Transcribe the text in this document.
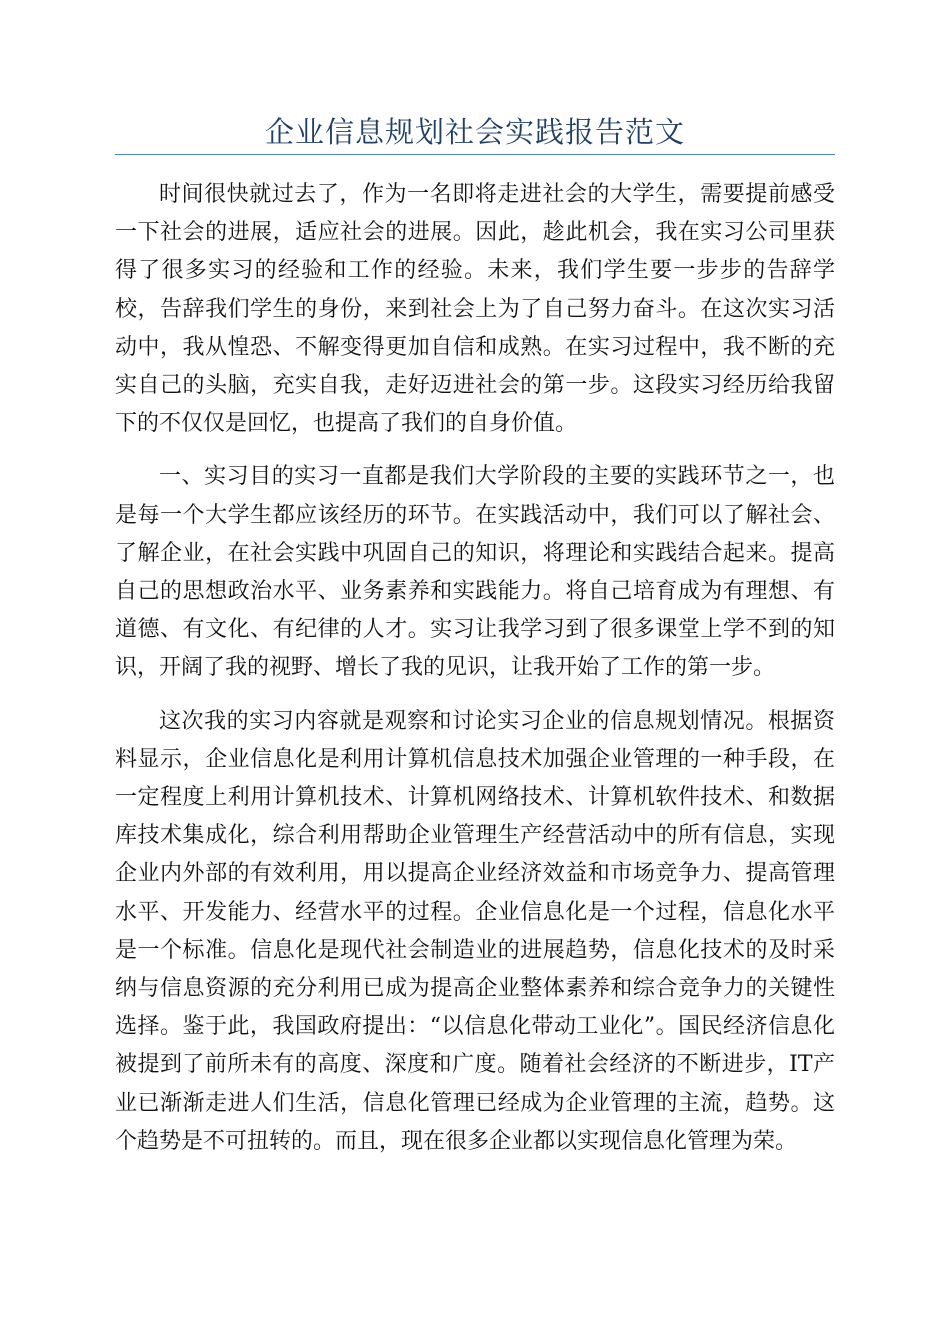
企业信息规划社会实践报告范文

时间很快就过去了，作为一名即将走进社会的大学生，需要提前感受一下社会的进展，适应社会的进展。因此，趁此机会，我在实习公司里获得了很多实习的经验和工作的经验。未来，我们学生要一步步的告辞学校，告辞我们学生的身份，来到社会上为了自己努力奋斗。在这次实习活动中，我从惶恐、不解变得更加自信和成熟。在实习过程中，我不断的充实自己的头脑，充实自我，走好迈进社会的第一步。这段实习经历给我留下的不仅仅是回忆，也提高了我们的自身价值。

一、实习目的实习一直都是我们大学阶段的主要的实践环节之一，也是每一个大学生都应该经历的环节。在实践活动中，我们可以了解社会、了解企业，在社会实践中巩固自己的知识，将理论和实践结合起来。提高自己的思想政治水平、业务素养和实践能力。将自己培育成为有理想、有道德、有文化、有纪律的人才。实习让我学习到了很多课堂上学不到的知识，开阔了我的视野、增长了我的见识，让我开始了工作的第一步。

这次我的实习内容就是观察和讨论实习企业的信息规划情况。根据资料显示，企业信息化是利用计算机信息技术加强企业管理的一种手段，在一定程度上利用计算机技术、计算机网络技术、计算机软件技术、和数据库技术集成化，综合利用帮助企业管理生产经营活动中的所有信息，实现企业内外部的有效利用，用以提高企业经济效益和市场竞争力、提高管理水平、开发能力、经营水平的过程。企业信息化是一个过程，信息化水平是一个标准。信息化是现代社会制造业的进展趋势，信息化技术的及时采纳与信息资源的充分利用已成为提高企业整体素养和综合竞争力的关键性选择。鉴于此，我国政府提出：“以信息化带动工业化”。国民经济信息化被提到了前所未有的高度、深度和广度。随着社会经济的不断进步，IT产业已渐渐走进人们生活，信息化管理已经成为企业管理的主流，趋势。这个趋势是不可扭转的。而且，现在很多企业都以实现信息化管理为荣。
